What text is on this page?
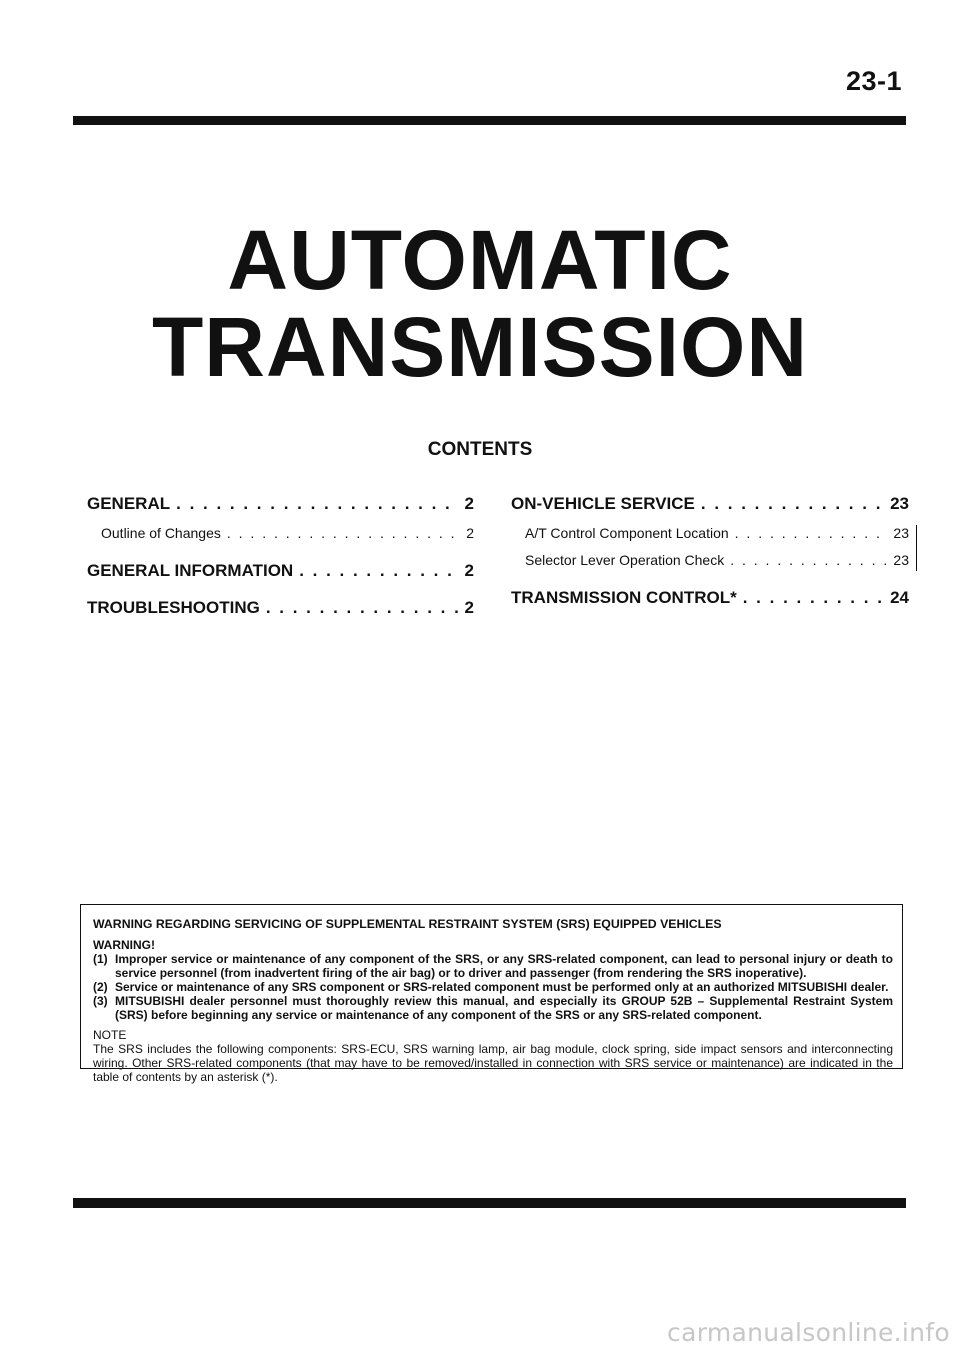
23-1
AUTOMATIC
TRANSMISSION
CONTENTS
GENERAL . . .	2
Outline of Changes . . .	2
GENERAL INFORMATION . . .	2
TROUBLESHOOTING . . .	2
ON-VEHICLE SERVICE . . .	23
A/T Control Component Location . . .	23
Selector Lever Operation Check . . .	23
TRANSMISSION CONTROL* . . .	24
WARNING REGARDING SERVICING OF SUPPLEMENTAL RESTRAINT SYSTEM (SRS) EQUIPPED VEHICLES
WARNING!
(1) Improper service or maintenance of any component of the SRS, or any SRS-related component, can lead to personal injury or death to service personnel (from inadvertent firing of the air bag) or to driver and passenger (from rendering the SRS inoperative).
(2) Service or maintenance of any SRS component or SRS-related component must be performed only at an authorized MITSUBISHI dealer.
(3) MITSUBISHI dealer personnel must thoroughly review this manual, and especially its GROUP 52B – Supplemental Restraint System (SRS) before beginning any service or maintenance of any component of the SRS or any SRS-related component.
NOTE
The SRS includes the following components: SRS-ECU, SRS warning lamp, air bag module, clock spring, side impact sensors and interconnecting wiring. Other SRS-related components (that may have to be removed/installed in connection with SRS service or maintenance) are indicated in the table of contents by an asterisk (*).
carmanualsonline.info
